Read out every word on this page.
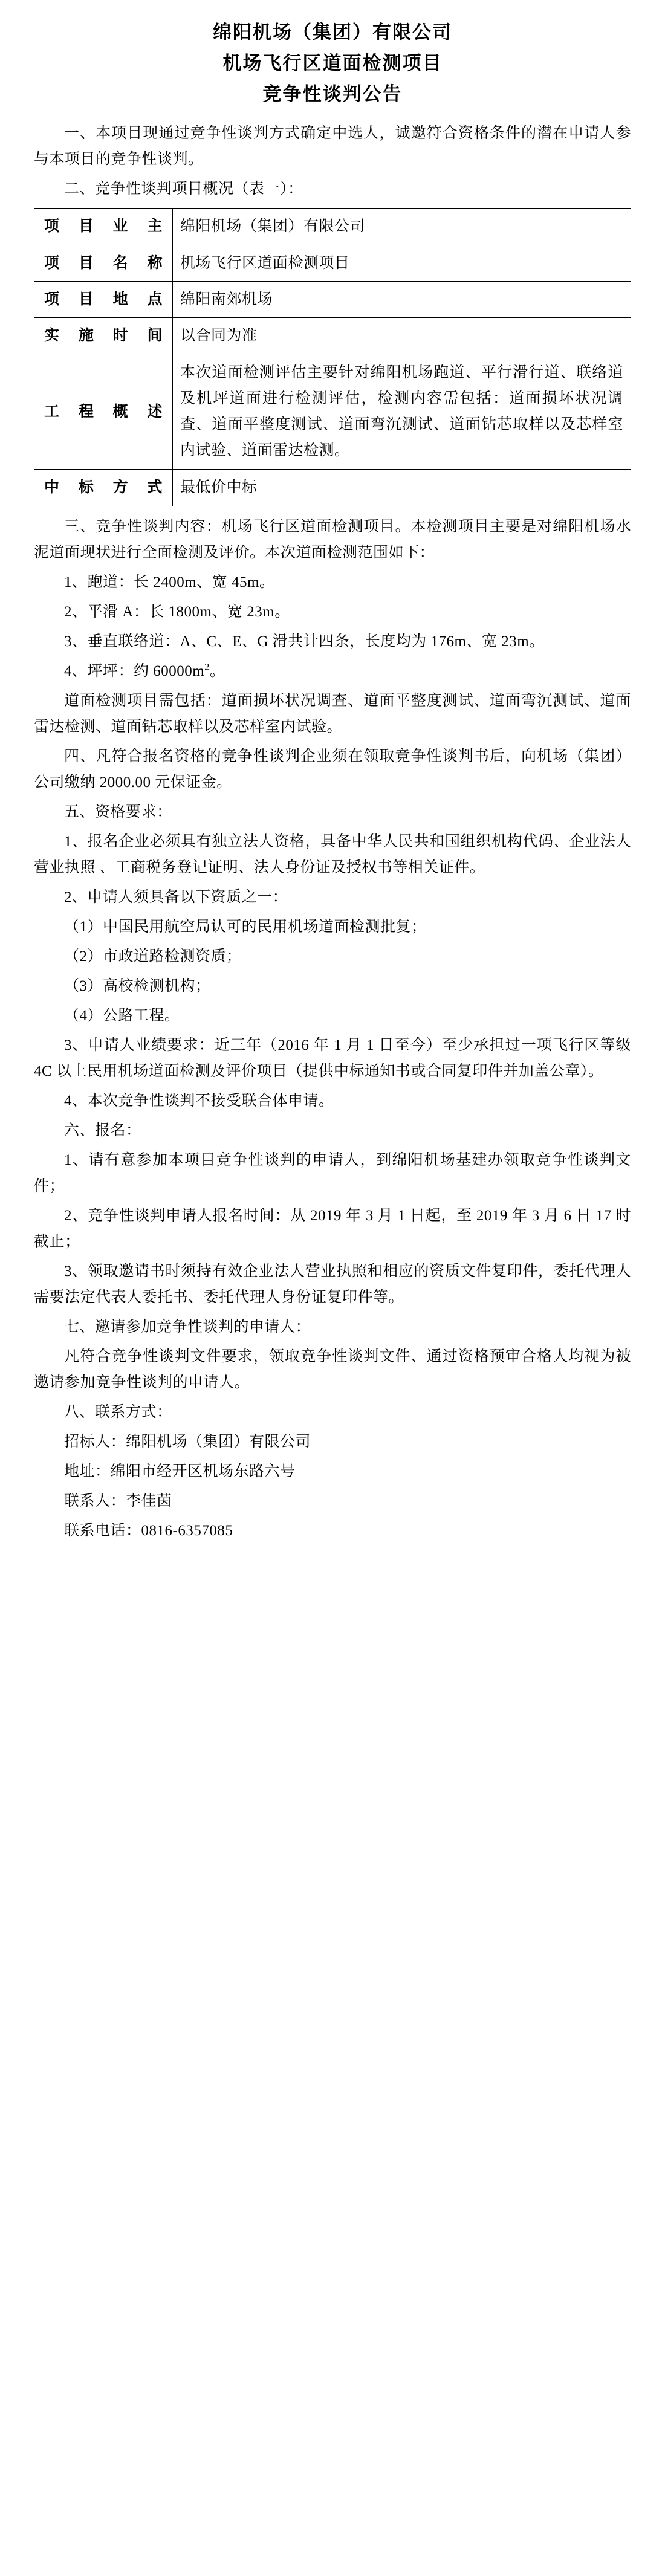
绵阳机场（集团）有限公司
机场飞行区道面检测项目
竞争性谈判公告

一、本项目现通过竞争性谈判方式确定中选人，诚邀符合资格条件的潜在申请人参与本项目的竞争性谈判。

二、竞争性谈判项目概况（表一）：

项目业主	绵阳机场（集团）有限公司
项目名称	机场飞行区道面检测项目
项目地点	绵阳南郊机场
实施时间	以合同为准
工程概述	本次道面检测评估主要针对绵阳机场跑道、平行滑行道、联络道及机坪道面进行检测评估，检测内容需包括：道面损坏状况调查、道面平整度测试、道面弯沉测试、道面钻芯取样以及芯样室内试验、道面雷达检测。
中标方式	最低价中标

三、竞争性谈判内容：机场飞行区道面检测项目。本检测项目主要是对绵阳机场水泥道面现状进行全面检测及评价。本次道面检测范围如下：

1、跑道：长 2400m、宽 45m。

2、平滑 A：长 1800m、宽 23m。

3、垂直联络道：A、C、E、G 滑共计四条，长度均为 176m、宽 23m。

4、坪坪：约 $60000m^2$。

道面检测项目需包括：道面损坏状况调查、道面平整度测试、道面弯沉测试、道面雷达检测、道面钻芯取样以及芯样室内试验。

四、凡符合报名资格的竞争性谈判企业须在领取竞争性谈判书后，向机场（集团）公司缴纳 2000.00 元保证金。

五、资格要求：

1、报名企业必须具有独立法人资格，具备中华人民共和国组织机构代码、企业法人营业执照 、工商税务登记证明、法人身份证及授权书等相关证件。

2、申请人须具备以下资质之一：

（1）中国民用航空局认可的民用机场道面检测批复；

（2）市政道路检测资质；

（3）高校检测机构；

（4）公路工程。

3、申请人业绩要求：近三年（2016 年 1 月 1 日至今）至少承担过一项飞行区等级 4C 以上民用机场道面检测及评价项目（提供中标通知书或合同复印件并加盖公章）。

4、本次竞争性谈判不接受联合体申请。

六、报名：

1、请有意参加本项目竞争性谈判的申请人，到绵阳机场基建办领取竞争性谈判文件；

2、竞争性谈判申请人报名时间：从 2019 年 3 月 1 日起，至 2019 年 3 月 6 日 17 时截止；

3、领取邀请书时须持有效企业法人营业执照和相应的资质文件复印件，委托代理人需要法定代表人委托书、委托代理人身份证复印件等。

七、邀请参加竞争性谈判的申请人：

凡符合竞争性谈判文件要求，领取竞争性谈判文件、通过资格预审合格人均视为被邀请参加竞争性谈判的申请人。

八、联系方式：

招标人：绵阳机场（集团）有限公司

地址：绵阳市经开区机场东路六号

联系人：李佳茵

联系电话：0816-6357085
